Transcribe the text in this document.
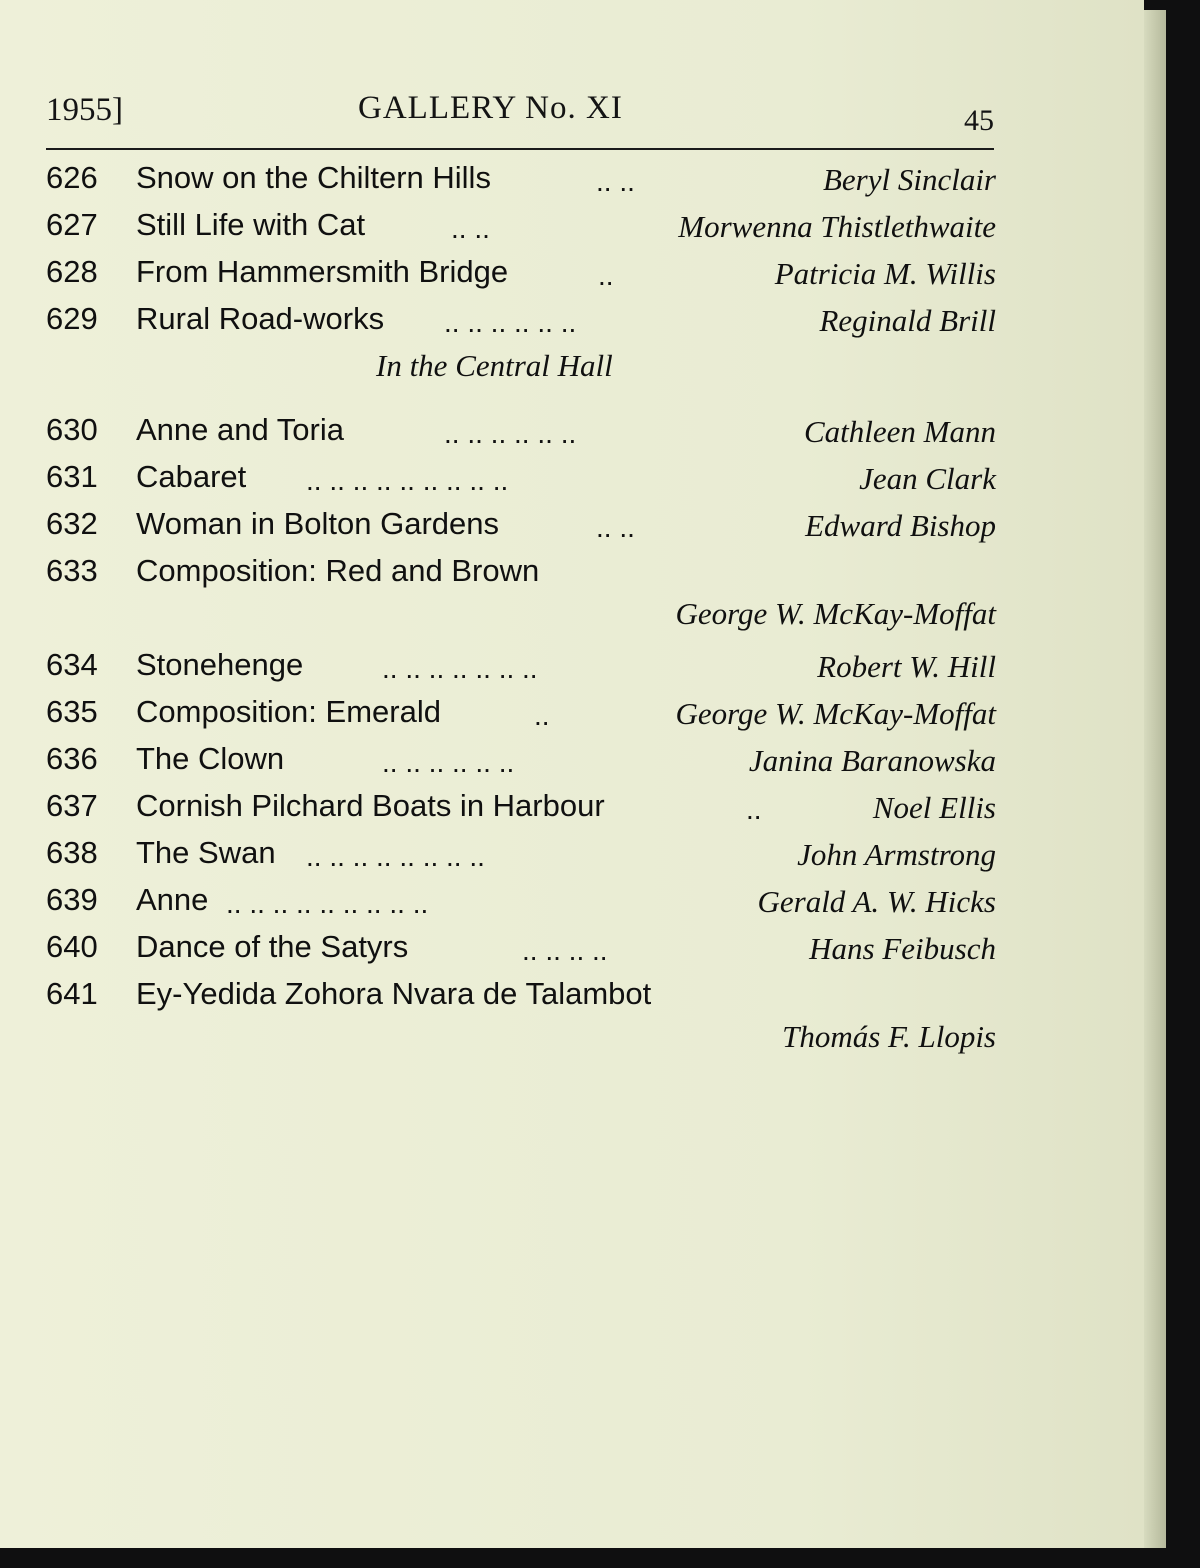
1955]	GALLERY No. XI	45
626 Snow on the Chiltern Hills	.. ..	Beryl Sinclair
627 Still Life with Cat	.. ..	Morwenna Thistlethwaite
628 From Hammersmith Bridge	..	Patricia M. Willis
629 Rural Road-works .. .. .. .. .. ..	Reginald Brill
In the Central Hall
630 Anne and Toria	.. .. .. .. .. ..	Cathleen Mann
631 Cabaret .. .. .. .. .. .. .. .. ..	Jean Clark
632 Woman in Bolton Gardens	.. ..	Edward Bishop
633 Composition: Red and Brown
George W. McKay-Moffat
634 Stonehenge	.. .. .. .. .. .. ..	Robert W. Hill
635 Composition: Emerald	..	George W. McKay-Moffat
636 The Clown	.. .. .. .. .. ..	Janina Baranowska
637 Cornish Pilchard Boats in Harbour	..	Noel Ellis
638 The Swan .. .. .. .. .. .. .. ..	John Armstrong
639 Anne .. .. .. .. .. .. .. .. ..	Gerald A. W. Hicks
640 Dance of the Satyrs	.. .. .. ..	Hans Feibusch
641 Ey-Yedida Zohora Nvara de Talambot
Thomás F. Llopis
